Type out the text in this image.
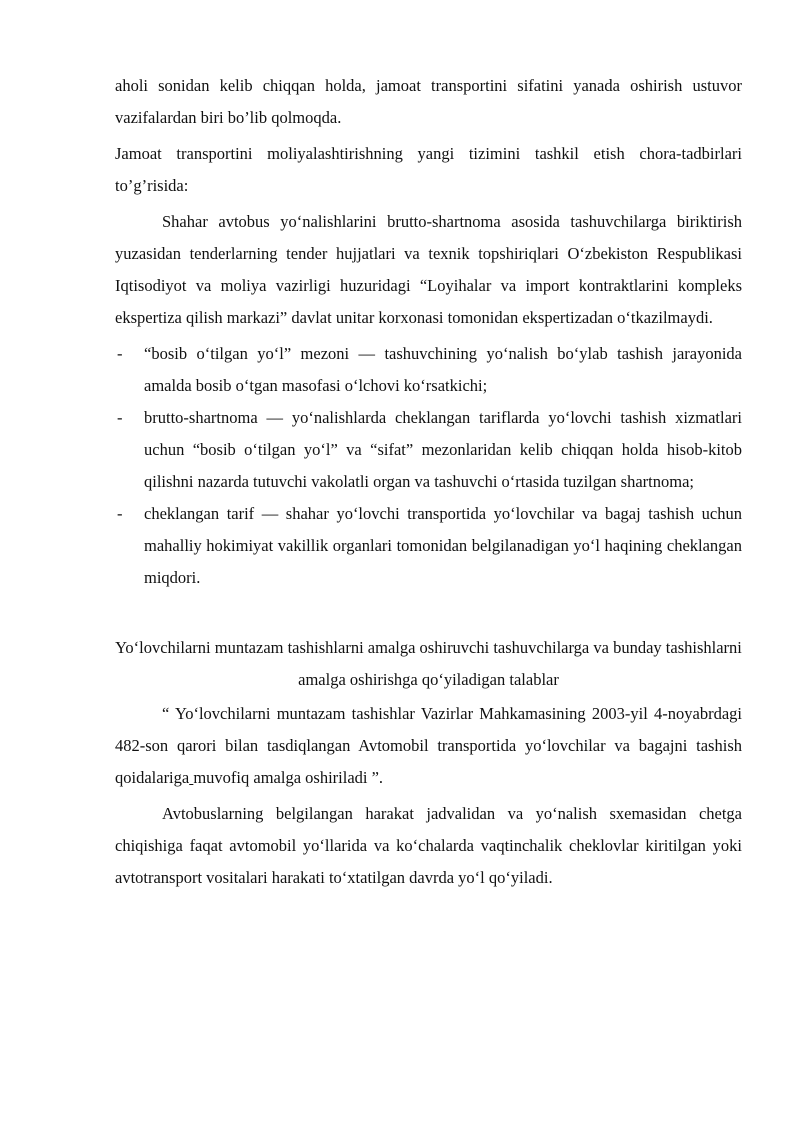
aholi sonidan kelib chiqqan holda, jamoat transportini sifatini yanada oshirish ustuvor vazifalardan biri bo’lib qolmoqda.

Jamoat transportini moliyalashtirishning yangi tizimini tashkil etish chora-tadbirlari to’g’risida:

Shahar avtobus yo‘nalishlarini brutto-shartnoma asosida tashuvchilarga biriktirish yuzasidan tenderlarning tender hujjatlari va texnik topshiriqlari O‘zbekiston Respublikasi Iqtisodiyot va moliya vazirligi huzuridagi “Loyihalar va import kontraktlarini kompleks ekspertiza qilish markazi” davlat unitar korxonasi tomonidan ekspertizadan o‘tkazilmaydi.

- “bosib o‘tilgan yo‘l” mezoni — tashuvchining yo‘nalish bo‘ylab tashish jarayonida amalda bosib o‘tgan masofasi o‘lchovi ko‘rsatkichi;
- brutto-shartnoma — yo‘nalishlarda cheklangan tariflarda yo‘lovchi tashish xizmatlari uchun “bosib o‘tilgan yo‘l” va “sifat” mezonlaridan kelib chiqqan holda hisob-kitob qilishni nazarda tutuvchi vakolatli organ va tashuvchi o‘rtasida tuzilgan shartnoma;
- cheklangan tarif — shahar yo‘lovchi transportida yo‘lovchilar va bagaj tashish uchun mahalliy hokimiyat vakillik organlari tomonidan belgilanadigan yo‘l haqining cheklangan miqdori.

Yo‘lovchilarni muntazam tashishlarni amalga oshiruvchi tashuvchilarga va bunday tashishlarni amalga oshirishga qo‘yiladigan talablar

“ Yo‘lovchilarni muntazam tashishlar Vazirlar Mahkamasining 2003-yil 4-noyabrdagi 482-son qarori bilan tasdiqlangan Avtomobil transportida yo‘lovchilar va bagajni tashish qoidalariga muvofiq amalga oshiriladi ”.

Avtobuslarning belgilangan harakat jadvalidan va yo‘nalish sxemasidan chetga chiqishiga faqat avtomobil yo‘llarida va ko‘chalarda vaqtinchalik cheklovlar kiritilgan yoki avtotransport vositalari harakati to‘xtatilgan davrda yo‘l qo‘yiladi.
